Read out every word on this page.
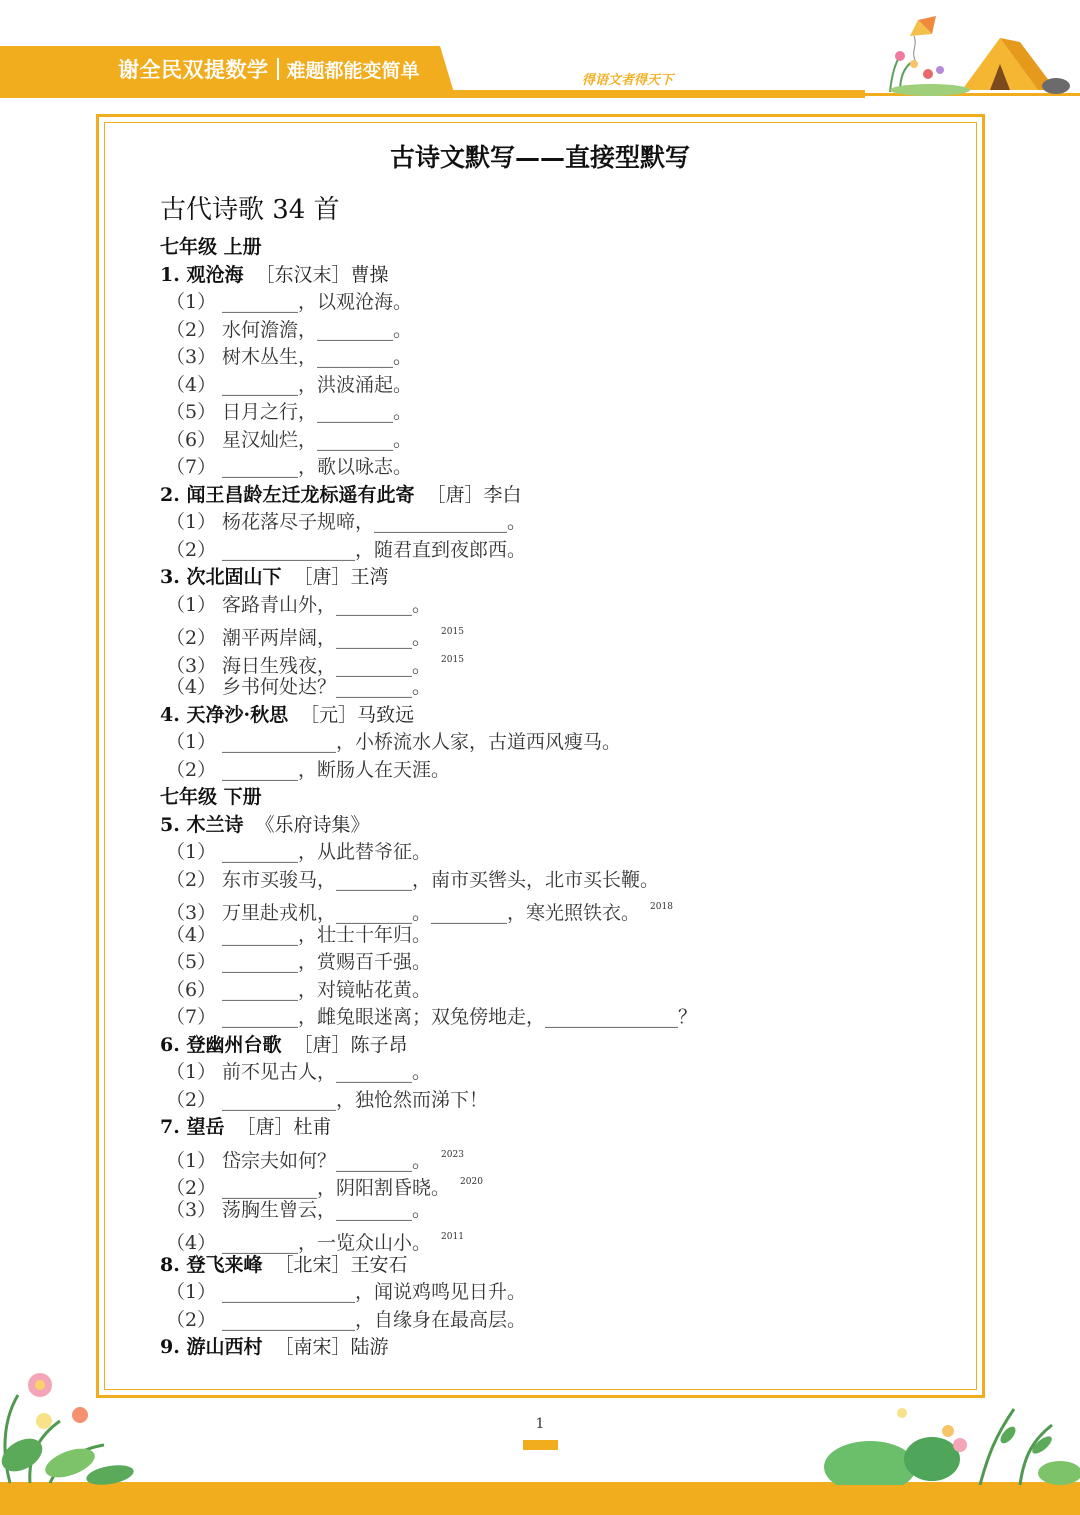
谢全民双提数学 难题都能变简单	得语文者得天下
古诗文默写——直接型默写
古代诗歌 34 首
七年级 上册
1. 观沧海 ［东汉末］曹操
（1） ________，以观沧海。
（2） 水何澹澹，________。
（3） 树木丛生，________。
（4） ________，洪波涌起。
（5） 日月之行，________。
（6） 星汉灿烂，________。
（7） ________，歌以咏志。
2. 闻王昌龄左迁龙标遥有此寄 ［唐］李白
（1） 杨花落尽子规啼，______________。
（2） ______________，随君直到夜郎西。
3. 次北固山下 ［唐］王湾
（1） 客路青山外，________。
（2） 潮平两岸阔，________。 $^{2015}$
（3） 海日生残夜，________。 $^{2015}$
（4） 乡书何处达？________。
4. 天净沙·秋思 ［元］马致远
（1） ____________，小桥流水人家，古道西风瘦马。
（2） ________，断肠人在天涯。
七年级 下册
5. 木兰诗 《乐府诗集》
（1） ________，从此替爷征。
（2） 东市买骏马，________，南市买辔头，北市买长鞭。
（3） 万里赴戎机，________。________，寒光照铁衣。 $^{2018}$
（4） ________，壮士十年归。
（5） ________，赏赐百千强。
（6） ________，对镜帖花黄。
（7） ________，雌兔眼迷离；双兔傍地走，______________？
6. 登幽州台歌 ［唐］陈子昂
（1） 前不见古人，________。
（2） ____________，独怆然而涕下！
7. 望岳 ［唐］杜甫
（1） 岱宗夫如何？________。 $^{2023}$
（2） __________，阴阳割昏晓。 $^{2020}$
（3） 荡胸生曾云，________。
（4） ________，一览众山小。 $^{2011}$
8. 登飞来峰 ［北宋］王安石
（1） ______________，闻说鸡鸣见日升。
（2） ______________，自缘身在最高层。
9. 游山西村 ［南宋］陆游
1
